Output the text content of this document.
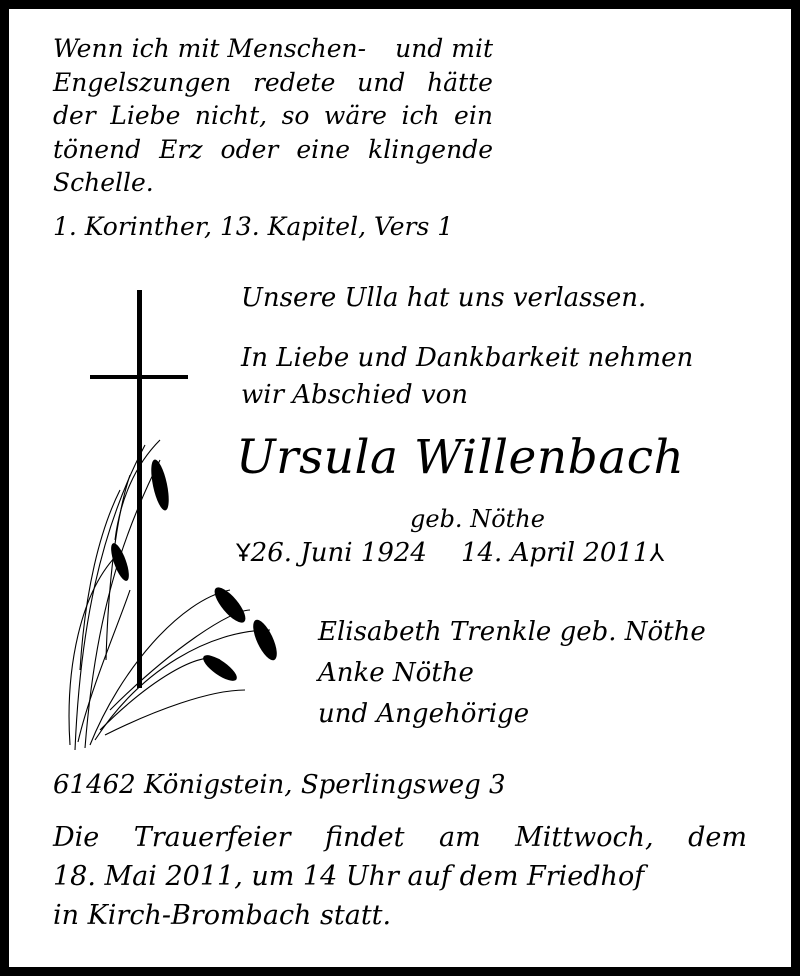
Wenn ich mit Menschen- und mit
Engelszungen redete und hätte
der Liebe nicht, so wäre ich ein
tönend Erz oder eine klingende
Schelle.
1. Korinther, 13. Kapitel, Vers 1
Unsere Ulla hat uns verlassen.
In Liebe und Dankbarkeit nehmen
wir Abschied von
Ursula Willenbach
geb. Nöthe
Ұ26. Juni 1924 14. April 2011⅄
Elisabeth Trenkle geb. Nöthe
Anke Nöthe
und Angehörige
61462 Königstein, Sperlingsweg 3
Die Trauerfeier findet am Mittwoch, dem
18. Mai 2011, um 14 Uhr auf dem Friedhof
in Kirch-Brombach statt.
